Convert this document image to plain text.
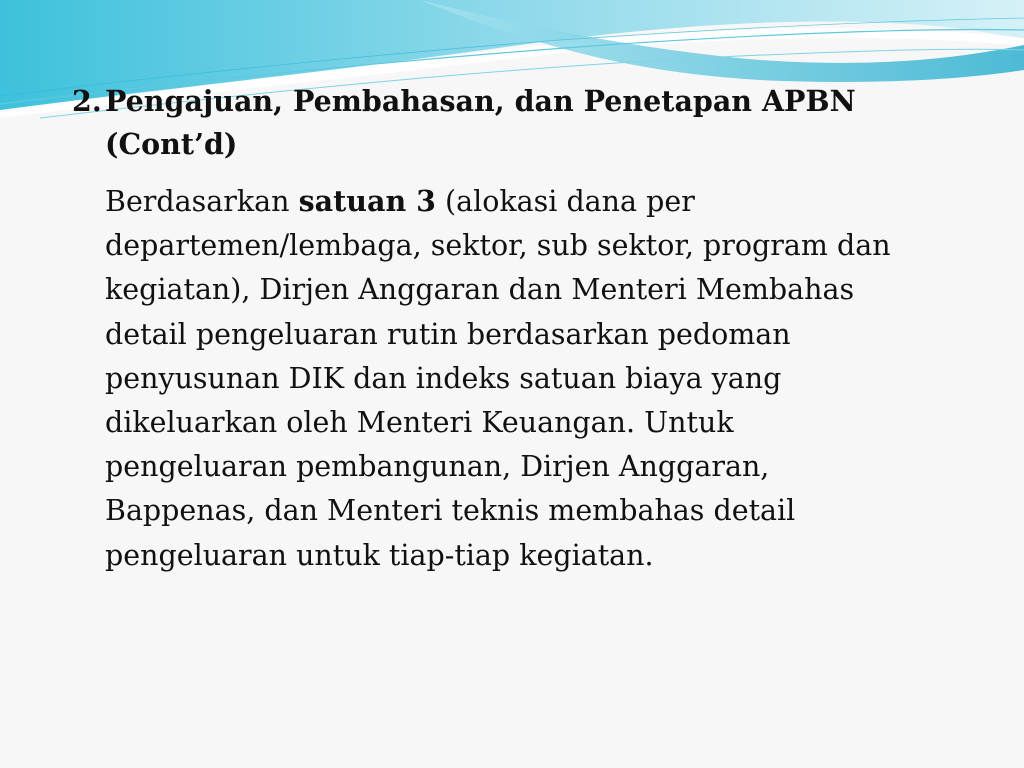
2. Pengajuan, Pembahasan, dan Penetapan APBN
(Cont’d)

Berdasarkan satuan 3 (alokasi dana per

departemen/lembaga, sektor, sub sektor, program dan

kegiatan), Dirjen Anggaran dan Menteri Membahas

detail pengeluaran rutin berdasarkan pedoman

penyusunan DIK dan indeks satuan biaya yang

dikeluarkan oleh Menteri Keuangan. Untuk

pengeluaran pembangunan, Dirjen Anggaran,

Bappenas, dan Menteri teknis membahas detail

pengeluaran untuk tiap-tiap kegiatan.
